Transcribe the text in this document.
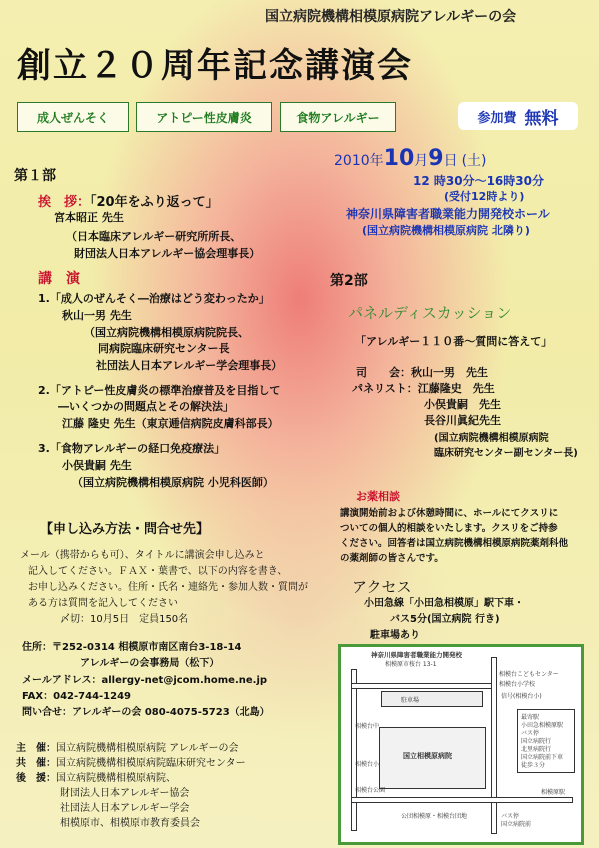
国立病院機構相模原病院アレルギーの会
創立２０周年記念講演会
成人ぜんそく	アトピー性皮膚炎	食物アレルギー	参加費 無料
第１部
挨　拶：「20年をふり返って」
宮本昭正 先生
（日本臨床アレルギー研究所所長、
財団法人日本アレルギー協会理事長）
講　演
1.「成人のぜんそく―治療はどう変わったか」
秋山一男 先生
（国立病院機構相模原病院院長、
同病院臨床研究センター長
社団法人日本アレルギー学会理事長）
2.「アトピー性皮膚炎の標準治療普及を目指して
―いくつかの問題点とその解決法」
江藤 隆史 先生（東京逓信病院皮膚科部長）
3.「食物アレルギーの経口免疫療法」
小俣貴嗣 先生
（国立病院機構相模原病院 小児科医師）
2010年10月9日 (土)
12 時30分～16時30分
(受付12時より)
神奈川県障害者職業能力開発校ホール
(国立病院機構相模原病院 北隣り)
第2部
パネルディスカッション
「アレルギー１１０番～質問に答えて」
司　　会：秋山一男　先生
パネリスト：江藤隆史　先生
小俣貴嗣　先生
長谷川眞紀先生
(国立病院機構相模原病院
臨床研究センター副センター長)
お薬相談
講演開始前および休憩時間に、ホールにてクスリに
ついての個人的相談をいたします。クスリをご持参
ください。回答者は国立病院機構相模原病院薬剤科他
の薬剤師の皆さんです。
【申し込み方法・問合せ先】
メール（携帯からも可）、タイトルに講演会申し込みと
記入してください。ＦＡＸ・葉書で、以下の内容を書き、
お申し込みください。住所・氏名・連絡先・参加人数・質問が
ある方は質問を記入してください
〆切：10月5日　定員150名
住所：〒252-0314 相模原市南区南台3-18-14
アレルギーの会事務局（松下）
メールアドレス：allergy-net@jcom.home.ne.jp
FAX：042-744-1249
問い合せ：アレルギーの会 080-4075-5723（北島）
主　催：国立病院機構相模原病院 アレルギーの会
共　催：国立病院機構相模原病院臨床研究センター
後　援：国立病院機構相模原病院、
財団法人日本アレルギー協会
社団法人日本アレルギー学会
相模原市、相模原市教育委員会
アクセス
小田急線「小田急相模原」駅下車・
バス5分(国立病院 行き)
駐車場あり
神奈川県障害者職業能力開発校
相模原市桜台 13-1
駐車場
国立相模原病院
相模台中
相模台公園
相模台小
公団相模原・相模台団地
相模台こどもセンター
相模台小学校
信号(相模台小)
最寄駅
小田急相模原駅
バス停
国立病院行
北里病院行
国立病院前下車
徒歩３分
バス停
国立病院前
相模原駅
